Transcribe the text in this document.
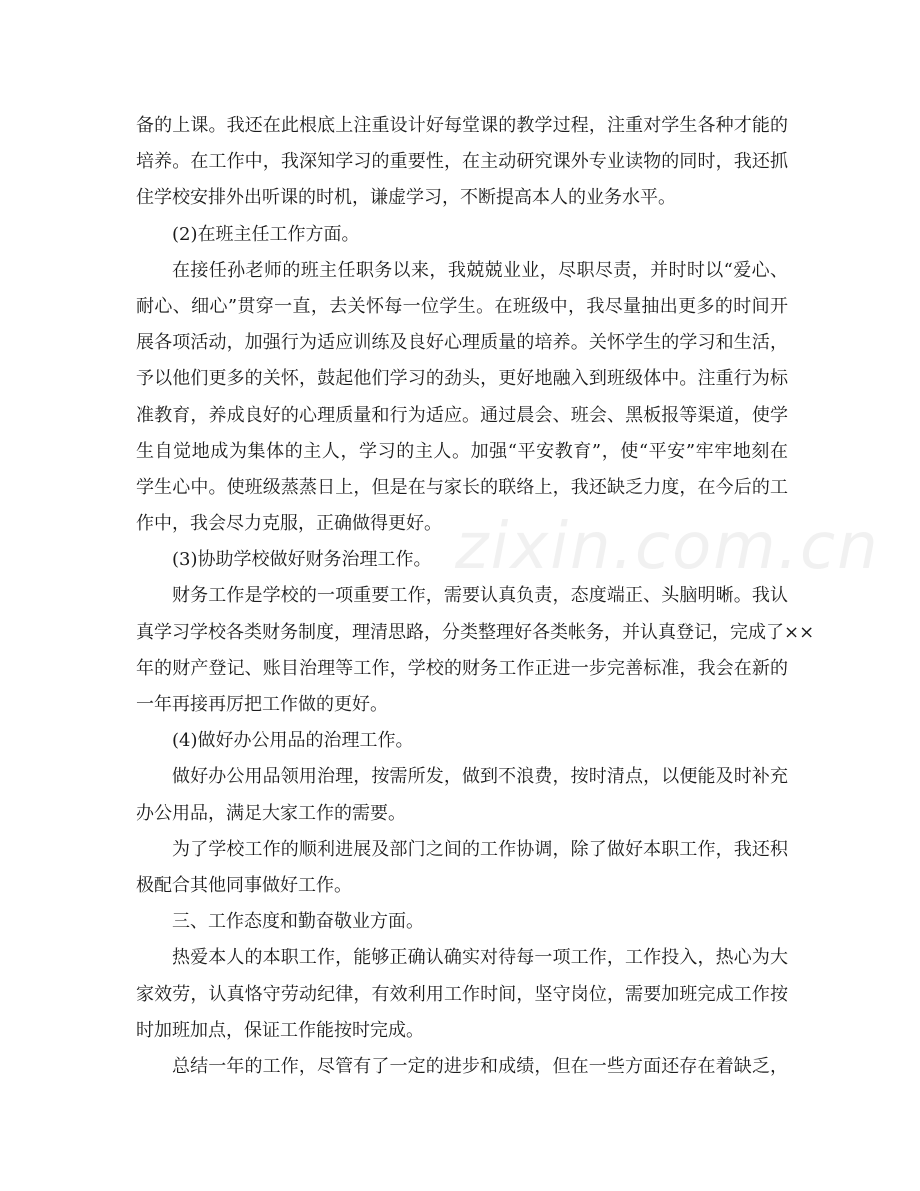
备的上课。我还在此根底上注重设计好每堂课的教学过程，注重对学生各种才能的
培养。在工作中，我深知学习的重要性，在主动研究课外专业读物的同时，我还抓
住学校安排外出听课的时机，谦虚学习，不断提高本人的业务水平。
(2)在班主任工作方面。
在接任孙老师的班主任职务以来，我兢兢业业，尽职尽责，并时时以“爱心、
耐心、细心”贯穿一直，去关怀每一位学生。在班级中，我尽量抽出更多的时间开
展各项活动，加强行为适应训练及良好心理质量的培养。关怀学生的学习和生活，
予以他们更多的关怀，鼓起他们学习的劲头，更好地融入到班级体中。注重行为标
准教育，养成良好的心理质量和行为适应。通过晨会、班会、黑板报等渠道，使学
生自觉地成为集体的主人，学习的主人。加强“平安教育”，使“平安”牢牢地刻在
学生心中。使班级蒸蒸日上，但是在与家长的联络上，我还缺乏力度，在今后的工
作中，我会尽力克服，正确做得更好。
(3)协助学校做好财务治理工作。
财务工作是学校的一项重要工作，需要认真负责，态度端正、头脑明晰。我认
真学习学校各类财务制度，理清思路，分类整理好各类帐务，并认真登记，完成了××
年的财产登记、账目治理等工作，学校的财务工作正进一步完善标准，我会在新的
一年再接再厉把工作做的更好。
(4)做好办公用品的治理工作。
做好办公用品领用治理，按需所发，做到不浪费，按时清点，以便能及时补充
办公用品，满足大家工作的需要。
为了学校工作的顺利进展及部门之间的工作协调，除了做好本职工作，我还积
极配合其他同事做好工作。
三、工作态度和勤奋敬业方面。
热爱本人的本职工作，能够正确认确实对待每一项工作，工作投入，热心为大
家效劳，认真恪守劳动纪律，有效利用工作时间，坚守岗位，需要加班完成工作按
时加班加点，保证工作能按时完成。
总结一年的工作，尽管有了一定的进步和成绩，但在一些方面还存在着缺乏，
zixin.com.cn
